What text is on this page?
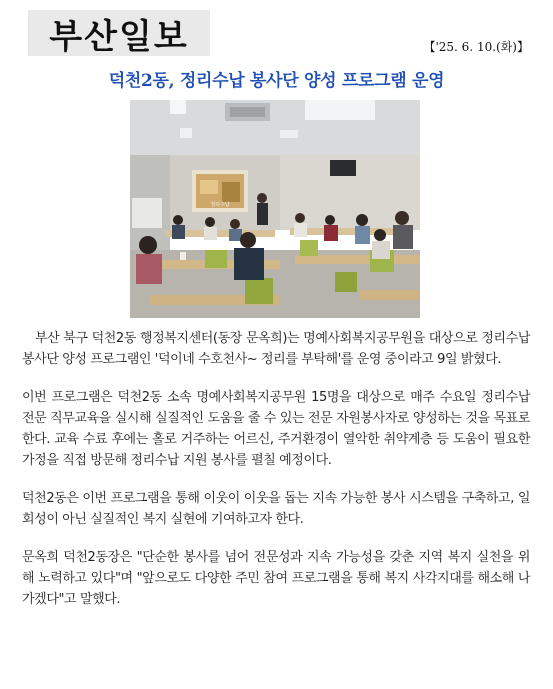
부산일보	【'25. 6. 10.(화)】
덕천2동, 정리수납 봉사단 양성 프로그램 운영
정리수납

부산 북구 덕천2동 행정복지센터(동장 문옥희)는 명예사회복지공무원을 대상으로 정리수납 봉사단 양성 프로그램인 '덕이네 수호천사~ 정리를 부탁해'를 운영 중이라고 9일 밝혔다.

이번 프로그램은 덕천2동 소속 명예사회복지공무원 15명을 대상으로 매주 수요일 정리수납 전문 직무교육을 실시해 실질적인 도움을 줄 수 있는 전문 자원봉사자로 양성하는 것을 목표로 한다. 교육 수료 후에는 홀로 거주하는 어르신, 주거환경이 열악한 취약계층 등 도움이 필요한 가정을 직접 방문해 정리수납 지원 봉사를 펼칠 예정이다.

덕천2동은 이번 프로그램을 통해 이웃이 이웃을 돕는 지속 가능한 봉사 시스템을 구축하고, 일회성이 아닌 실질적인 복지 실현에 기여하고자 한다.

문옥희 덕천2동장은 "단순한 봉사를 넘어 전문성과 지속 가능성을 갖춘 지역 복지 실천을 위해 노력하고 있다"며 "앞으로도 다양한 주민 참여 프로그램을 통해 복지 사각지대를 해소해 나가겠다"고 말했다.
